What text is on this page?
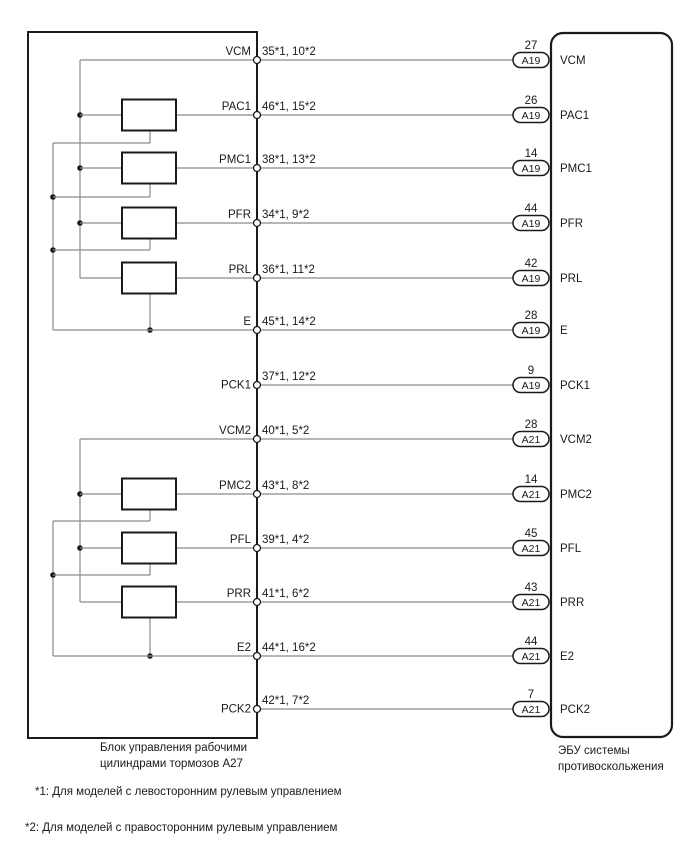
VCM 35*1, 10*2	27
A19 VCM
PAC1 46*1, 15*2	26
A19 PAC1
PMC1 38*1, 13*2	14
A19 PMC1
PFR 34*1, 9*2	44
A19 PFR
PRL 36*1, 11*2	42
A19 PRL
E 45*1, 14*2	28
A19 E
PCK1
37*1, 12*2	9
A19 PCK1
VCM2 40*1, 5*2	28
A21 VCM2
PMC2 43*1, 8*2	14
A21 PMC2
PFL 39*1, 4*2	45
A21 PFL
PRR 41*1, 6*2	43
A21 PRR
E2 44*1, 16*2	44
A21 E2
PCK2
42*1, 7*2	7
A21 PCK2
Блок управления рабочими
цилиндрами тормозов A27
ЭБУ системы
противоскольжения
*1: Для моделей с левосторонним рулевым управлением
*2: Для моделей с правосторонним рулевым управлением
